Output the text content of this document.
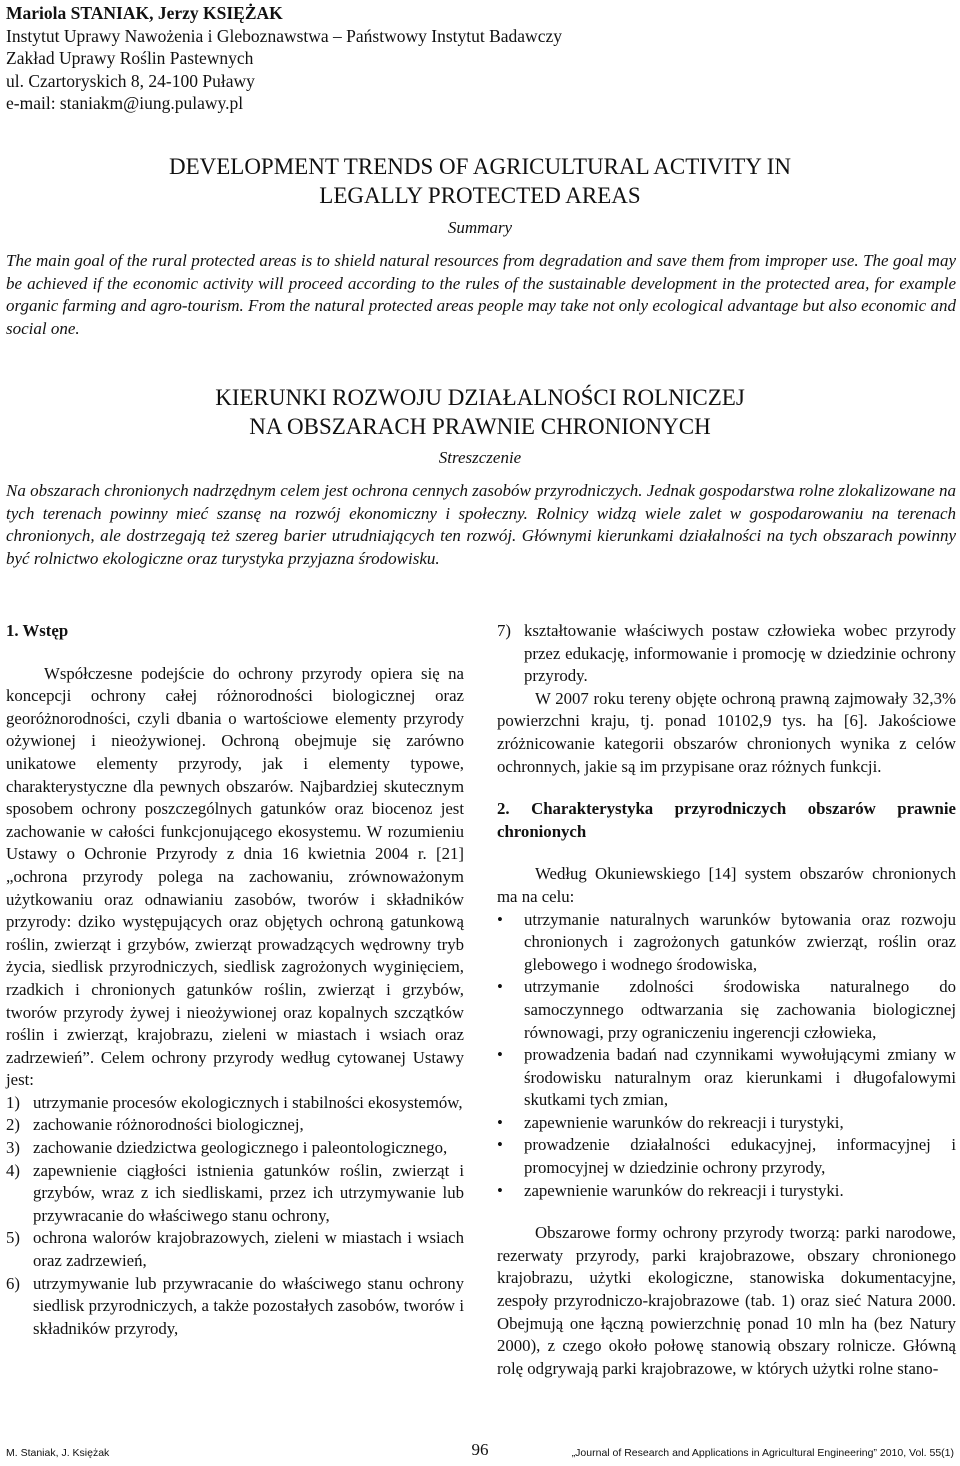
Mariola STANIAK, Jerzy KSIĘŻAK
Instytut Uprawy Nawożenia i Gleboznawstwa – Państwowy Instytut Badawczy
Zakład Uprawy Roślin Pastewnych
ul. Czartoryskich 8, 24-100 Puławy
e-mail: staniakm@iung.pulawy.pl
DEVELOPMENT TRENDS OF AGRICULTURAL ACTIVITY IN
LEGALLY PROTECTED AREAS
Summary
The main goal of the rural protected areas is to shield natural resources from degradation and save them from improper use. The goal may be achieved if the economic activity will proceed according to the rules of the sustainable development in the protected area, for example organic farming and agro-tourism. From the natural protected areas people may take not only ecological advantage but also economic and social one.
KIERUNKI ROZWOJU DZIAŁALNOŚCI ROLNICZEJ
NA OBSZARACH PRAWNIE CHRONIONYCH
Streszczenie
Na obszarach chronionych nadrzędnym celem jest ochrona cennych zasobów przyrodniczych. Jednak gospodarstwa rolne zlokalizowane na tych terenach powinny mieć szansę na rozwój ekonomiczny i społeczny. Rolnicy widzą wiele zalet w gospodarowaniu na terenach chronionych, ale dostrzegają też szereg barier utrudniających ten rozwój. Głównymi kierunkami działalności na tych obszarach powinny być rolnictwo ekologiczne oraz turystyka przyjazna środowisku.

1. Wstęp

Współczesne podejście do ochrony przyrody opiera się na koncepcji ochrony całej różnorodności biologicznej oraz georóżnorodności, czyli dbania o wartościowe elementy przyrody ożywionej i nieożywionej. Ochroną obejmuje się zarówno unikatowe elementy przyrody, jak i elementy typowe, charakterystyczne dla pewnych obszarów. Najbardziej skutecznym sposobem ochrony poszczególnych gatunków oraz biocenoz jest zachowanie w całości funkcjonującego ekosystemu. W rozumieniu Ustawy o Ochronie Przyrody z dnia 16 kwietnia 2004 r. [21] „ochrona przyrody polega na zachowaniu, zrównoważonym użytkowaniu oraz odnawianiu zasobów, tworów i składników przyrody: dziko występujących oraz objętych ochroną gatunkową roślin, zwierząt i grzybów, zwierząt prowadzących wędrowny tryb życia, siedlisk przyrodniczych, siedlisk zagrożonych wyginięciem, rzadkich i chronionych gatunków roślin, zwierząt i grzybów, tworów przyrody żywej i nieożywionej oraz kopalnych szczątków roślin i zwierząt, krajobrazu, zieleni w miastach i wsiach oraz zadrzewień”. Celem ochrony przyrody według cytowanej Ustawy jest:

1) utrzymanie procesów ekologicznych i stabilności ekosystemów,
2) zachowanie różnorodności biologicznej,
3) zachowanie dziedzictwa geologicznego i paleontologicznego,
4) zapewnienie ciągłości istnienia gatunków roślin, zwierząt i grzybów, wraz z ich siedliskami, przez ich utrzymywanie lub przywracanie do właściwego stanu ochrony,
5) ochrona walorów krajobrazowych, zieleni w miastach i wsiach oraz zadrzewień,
6) utrzymywanie lub przywracanie do właściwego stanu ochrony siedlisk przyrodniczych, a także pozostałych zasobów, tworów i składników przyrody,
7) kształtowanie właściwych postaw człowieka wobec przyrody przez edukację, informowanie i promocję w dziedzinie ochrony przyrody.

W 2007 roku tereny objęte ochroną prawną zajmowały 32,3% powierzchni kraju, tj. ponad 10102,9 tys. ha [6]. Jakościowe zróżnicowanie kategorii obszarów chronionych wynika z celów ochronnych, jakie są im przypisane oraz różnych funkcji.

2. Charakterystyka przyrodniczych obszarów prawnie chronionych

Według Okuniewskiego [14] system obszarów chronionych ma na celu:

• utrzymanie naturalnych warunków bytowania oraz rozwoju chronionych i zagrożonych gatunków zwierząt, roślin oraz glebowego i wodnego środowiska,
• utrzymanie zdolności środowiska naturalnego do samoczynnego odtwarzania się zachowania biologicznej równowagi, przy ograniczeniu ingerencji człowieka,
• prowadzenia badań nad czynnikami wywołującymi zmiany w środowisku naturalnym oraz kierunkami i długofalowymi skutkami tych zmian,
• zapewnienie warunków do rekreacji i turystyki,
• prowadzenie działalności edukacyjnej, informacyjnej i promocyjnej w dziedzinie ochrony przyrody,
• zapewnienie warunków do rekreacji i turystyki.

Obszarowe formy ochrony przyrody tworzą: parki narodowe, rezerwaty przyrody, parki krajobrazowe, obszary chronionego krajobrazu, użytki ekologiczne, stanowiska dokumentacyjne, zespoły przyrodniczo-krajobrazowe (tab. 1) oraz sieć Natura 2000. Obejmują one łączną powierzchnię ponad 10 mln ha (bez Natury 2000), z czego około połowę stanowią obszary rolnicze. Główną rolę odgrywają parki krajobrazowe, w których użytki rolne stano-

M. Staniak, J. Księżak	96	„Journal of Research and Applications in Agricultural Engineering” 2010, Vol. 55(1)
